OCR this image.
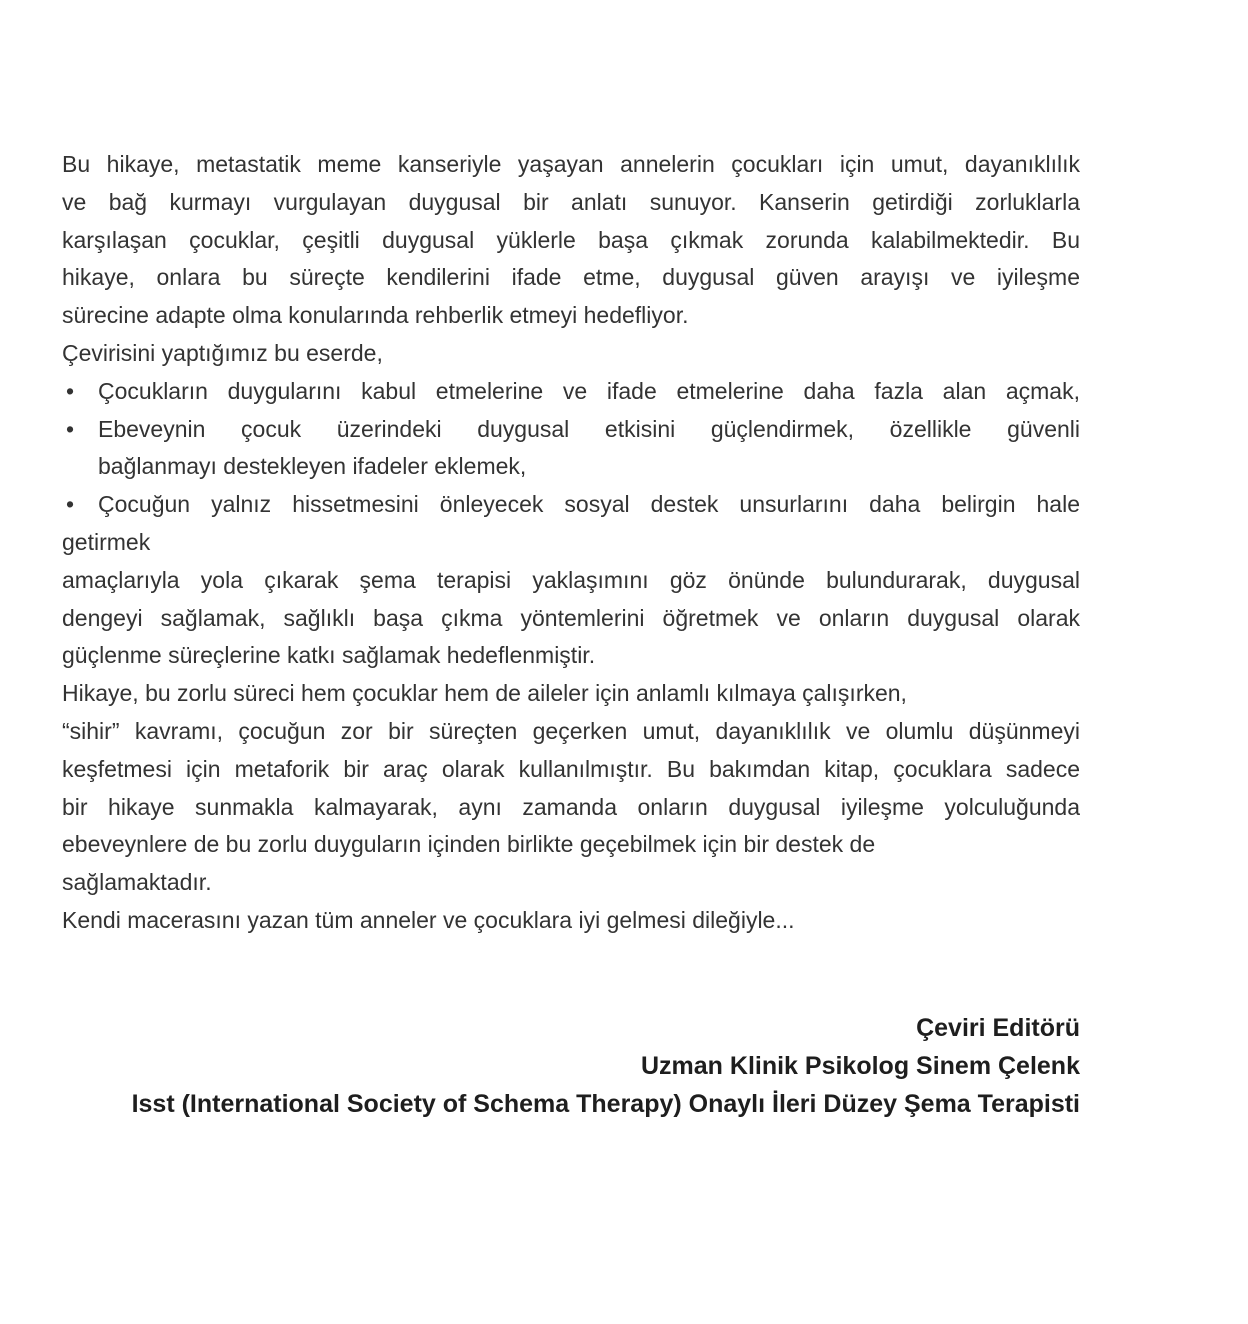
Bu hikaye, metastatik meme kanseriyle yaşayan annelerin çocukları için umut, dayanıklılık
ve bağ kurmayı vurgulayan duygusal bir anlatı sunuyor. Kanserin getirdiği zorluklarla
karşılaşan çocuklar, çeşitli duygusal yüklerle başa çıkmak zorunda kalabilmektedir. Bu
hikaye, onlara bu süreçte kendilerini ifade etme, duygusal güven arayışı ve iyileşme
sürecine adapte olma konularında rehberlik etmeyi hedefliyor.
Çevirisini yaptığımız bu eserde,
•	Çocukların duygularını kabul etmelerine ve ifade etmelerine daha fazla alan açmak,
•	Ebeveynin çocuk üzerindeki duygusal etkisini güçlendirmek, özellikle güvenli
bağlanmayı destekleyen ifadeler eklemek,
•	Çocuğun yalnız hissetmesini önleyecek sosyal destek unsurlarını daha belirgin hale
getirmek
amaçlarıyla yola çıkarak şema terapisi yaklaşımını göz önünde bulundurarak, duygusal
dengeyi sağlamak, sağlıklı başa çıkma yöntemlerini öğretmek ve onların duygusal olarak
güçlenme süreçlerine katkı sağlamak hedeflenmiştir.
Hikaye, bu zorlu süreci hem çocuklar hem de aileler için anlamlı kılmaya çalışırken,
“sihir” kavramı, çocuğun zor bir süreçten geçerken umut, dayanıklılık ve olumlu düşünmeyi
keşfetmesi için metaforik bir araç olarak kullanılmıştır. Bu bakımdan kitap, çocuklara sadece
bir hikaye sunmakla kalmayarak, aynı zamanda onların duygusal iyileşme yolculuğunda
ebeveynlere de bu zorlu duyguların içinden birlikte geçebilmek için bir destek de
sağlamaktadır.
Kendi macerasını yazan tüm anneler ve çocuklara iyi gelmesi dileğiyle...
Çeviri Editörü
Uzman Klinik Psikolog Sinem Çelenk
Isst (International Society of Schema Therapy) Onaylı İleri Düzey Şema Terapisti
